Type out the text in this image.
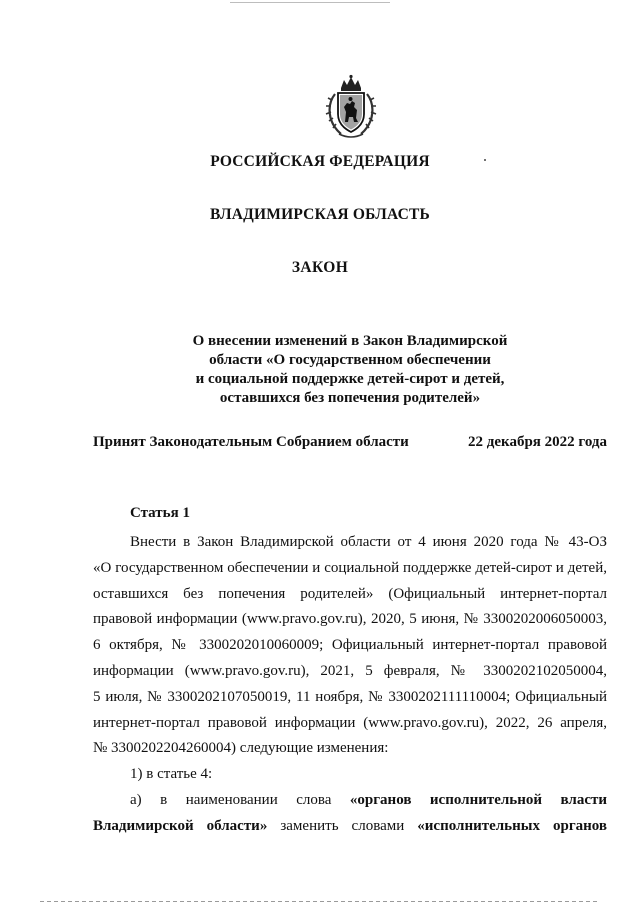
РОССИЙСКАЯ ФЕДЕРАЦИЯ
ВЛАДИМИРСКАЯ ОБЛАСТЬ
ЗАКОН
О внесении изменений в Закон Владимирской
области «О государственном обеспечении
и социальной поддержке детей-сирот и детей,
оставшихся без попечения родителей»
Принят Законодательным Собранием области	22 декабря 2022 года
Статья 1
Внести в Закон Владимирской области от 4 июня 2020 года № 43-ОЗ
«О государственном обеспечении и социальной поддержке детей-сирот и детей,
оставшихся без попечения родителей» (Официальный интернет-портал
правовой информации (www.pravo.gov.ru), 2020, 5 июня, № 3300202006050003,
6 октября, № 3300202010060009; Официальный интернет-портал правовой
информации (www.pravo.gov.ru), 2021, 5 февраля, № 3300202102050004,
5 июля, № 3300202107050019, 11 ноября, № 3300202111110004; Официальный
интернет-портал правовой информации (www.pravo.gov.ru), 2022, 26 апреля,
№ 3300202204260004) следующие изменения:
1) в статье 4:
а) в наименовании слова «органов исполнительной власти
Владимирской области» заменить словами «исполнительных органов
